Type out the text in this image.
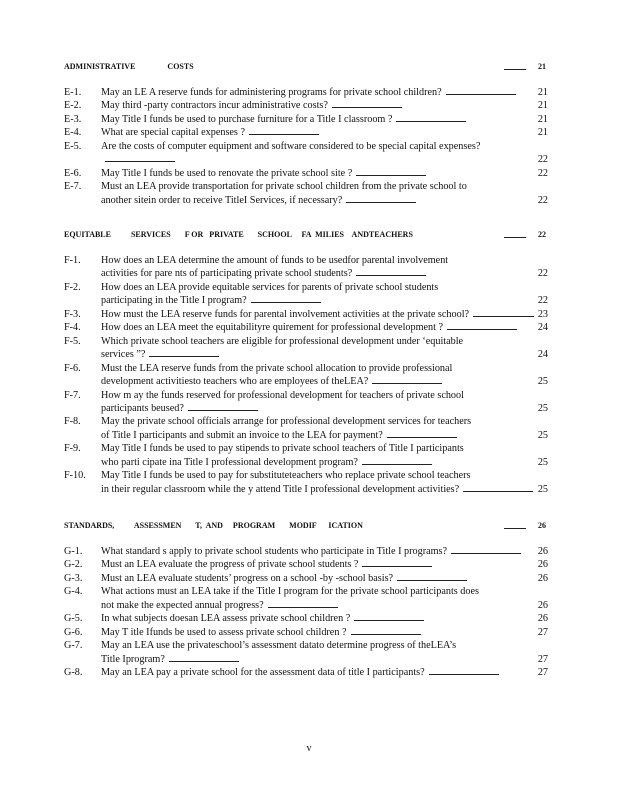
ADMINISTRATIVE                COSTS	21
E-1. May an LE A reserve funds for administering programs for private school children?	21
E-2. May third -party contractors incur administrative costs?	21
E-3. May Title I funds be used to purchase furniture for a Title I classroom ?	21
E-4. What are special capital expenses ?	21
E-5. Are the costs of computer equipment and software considered to be special capital expenses?
22
E-6. May Title I funds be used to renovate the private school site ?	22
E-7. Must an LEA provide transportation for private school children from the private school to
another sitein order to receive TitleI Services, if necessary?	22
EQUITABLE          SERVICES       F OR   PRIVATE       SCHOOL     FA  MILIES    ANDTEACHERS	22
F-1. How does an LEA determine the amount of funds to be usedfor parental involvement
activities for pare nts of participating private school students?	22
F-2. How does an LEA provide equitable services for parents of private school students
participating in the Title I program?	22
F-3. How must the LEA reserve funds for parental involvement activities at the private school?	23
F-4. How does an LEA meet the equitabilityre quirement for professional development ?	24
F-5. Which private school teachers are eligible for professional development under ‘equitable
services ”?	24
F-6. Must the LEA reserve funds from the private school allocation to provide professional
development activitiesto teachers who are employees of theLEA?	25
F-7. How m ay the funds reserved for professional development for teachers of private school
participants beused?	25
F-8. May the private school officials arrange for professional development services for teachers
of Title I participants and submit an invoice to the LEA for payment?	25
F-9. May Title I funds be used to pay stipends to private school teachers of Title I participants
who parti cipate ina Title I professional development program?	25
F-10. May Title I funds be used to pay for substituteteachers who replace private school teachers
in their regular classroom while the y attend Title I professional development activities?	25
STANDARDS,          ASSESSMEN       T,  AND     PROGRAM       MODIF      ICATION	26
G-1. What standard s apply to private school students who participate in Title I programs?	26
G-2. Must an LEA evaluate the progress of private school students ?	26
G-3. Must an LEA evaluate students’ progress on a school -by -school basis?	26
G-4. What actions must an LEA take if the Title I program for the private school participants does
not make the expected annual progress?	26
G-5. In what subjects doesan LEA assess private school children ?	26
G-6. May T itle Ifunds be used to assess private school children ?	27
G-7. May an LEA use the privateschool’s assessment datato determine progress of theLEA’s
Title Iprogram?	27
G-8. May an LEA pay a private school for the assessment data of title I participants?	27
v
